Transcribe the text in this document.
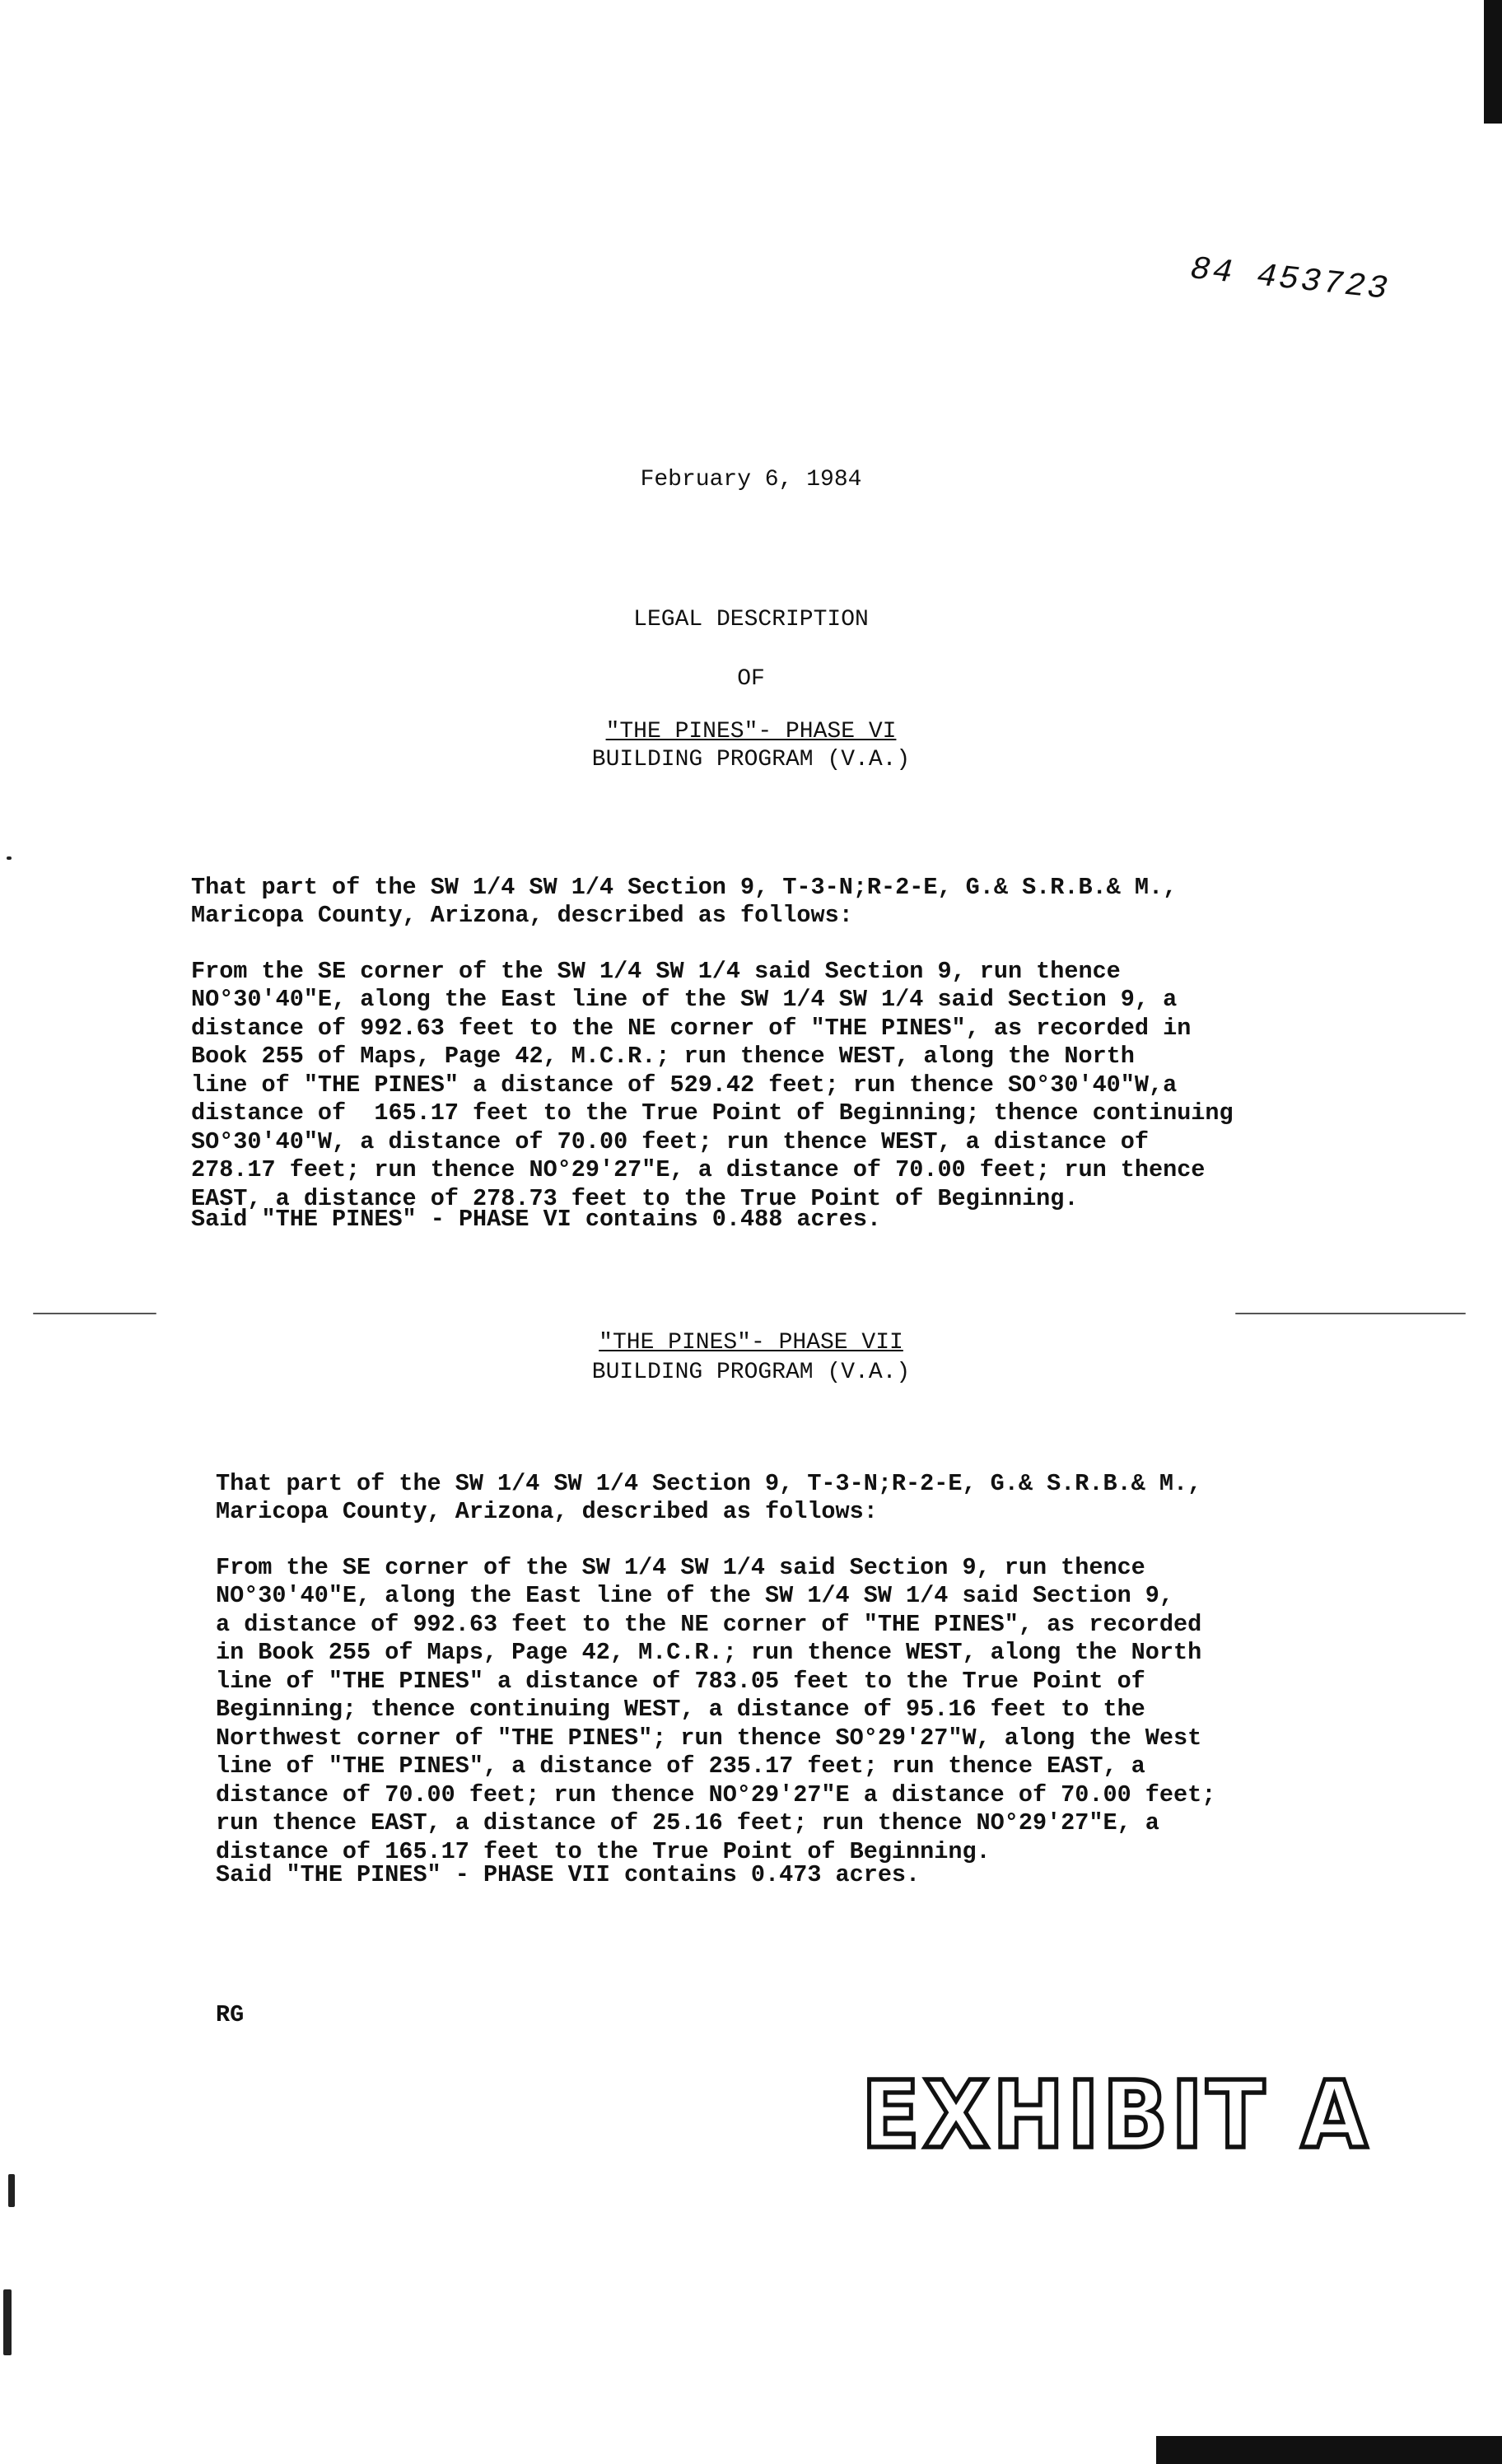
84 453723
February 6, 1984
LEGAL DESCRIPTION
OF
"THE PINES"- PHASE VI
BUILDING PROGRAM (V.A.)

That part of the SW 1/4 SW 1/4 Section 9, T-3-N;R-2-E, G.& S.R.B.& M.,
Maricopa County, Arizona, described as follows:

From the SE corner of the SW 1/4 SW 1/4 said Section 9, run thence
NO°30'40"E, along the East line of the SW 1/4 SW 1/4 said Section 9, a
distance of 992.63 feet to the NE corner of "THE PINES", as recorded in
Book 255 of Maps, Page 42, M.C.R.; run thence WEST, along the North
line of "THE PINES" a distance of 529.42 feet; run thence SO°30'40"W,a
distance of  165.17 feet to the True Point of Beginning; thence continuing
SO°30'40"W, a distance of 70.00 feet; run thence WEST, a distance of
278.17 feet; run thence NO°29'27"E, a distance of 70.00 feet; run thence
EAST, a distance of 278.73 feet to the True Point of Beginning.
Said "THE PINES" - PHASE VI contains 0.488 acres.
"THE PINES"- PHASE VII
BUILDING PROGRAM (V.A.)

That part of the SW 1/4 SW 1/4 Section 9, T-3-N;R-2-E, G.& S.R.B.& M.,
Maricopa County, Arizona, described as follows:

From the SE corner of the SW 1/4 SW 1/4 said Section 9, run thence
NO°30'40"E, along the East line of the SW 1/4 SW 1/4 said Section 9,
a distance of 992.63 feet to the NE corner of "THE PINES", as recorded
in Book 255 of Maps, Page 42, M.C.R.; run thence WEST, along the North
line of "THE PINES" a distance of 783.05 feet to the True Point of
Beginning; thence continuing WEST, a distance of 95.16 feet to the
Northwest corner of "THE PINES"; run thence SO°29'27"W, along the West
line of "THE PINES", a distance of 235.17 feet; run thence EAST, a
distance of 70.00 feet; run thence NO°29'27"E a distance of 70.00 feet;
run thence EAST, a distance of 25.16 feet; run thence NO°29'27"E, a
distance of 165.17 feet to the True Point of Beginning.
Said "THE PINES" - PHASE VII contains 0.473 acres.
RG
EXHIBIT A
